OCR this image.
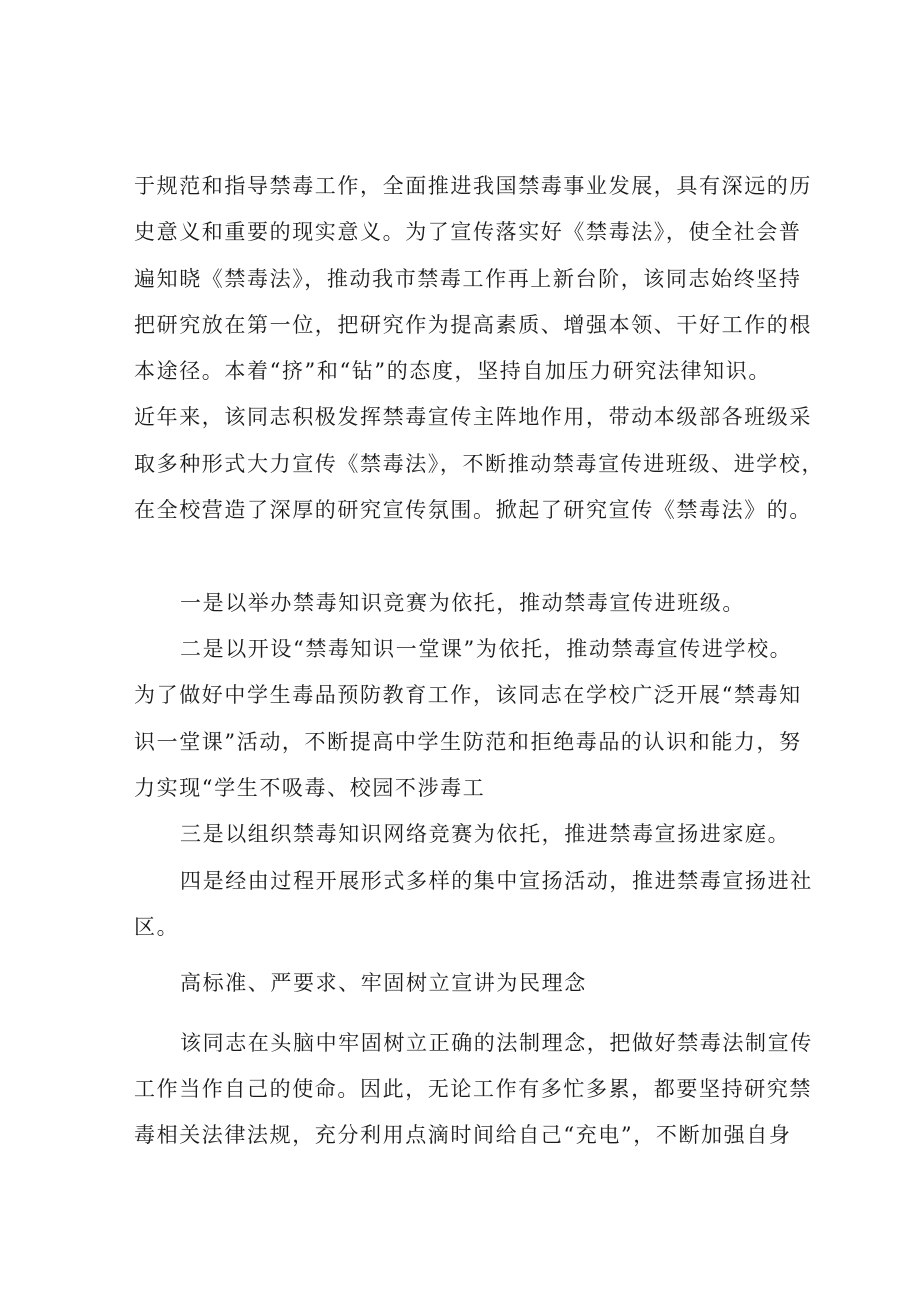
于规范和指导禁毒工作，全面推进我国禁毒事业发展，具有深远的历

史意义和重要的现实意义。为了宣传落实好《禁毒法》，使全社会普

遍知晓《禁毒法》，推动我市禁毒工作再上新台阶，该同志始终坚持

把研究放在第一位，把研究作为提高素质、增强本领、干好工作的根

本途径。本着“挤”和“钻”的态度，坚持自加压力研究法律知识。

近年来，该同志积极发挥禁毒宣传主阵地作用，带动本级部各班级采

取多种形式大力宣传《禁毒法》，不断推动禁毒宣传进班级、进学校，

在全校营造了深厚的研究宣传氛围。掀起了研究宣传《禁毒法》的。

一是以举办禁毒知识竞赛为依托，推动禁毒宣传进班级。

二是以开设“禁毒知识一堂课”为依托，推动禁毒宣传进学校。

为了做好中学生毒品预防教育工作，该同志在学校广泛开展“禁毒知

识一堂课”活动，不断提高中学生防范和拒绝毒品的认识和能力，努

力实现“学生不吸毒、校园不涉毒工

三是以组织禁毒知识网络竞赛为依托，推进禁毒宣扬进家庭。

四是经由过程开展形式多样的集中宣扬活动，推进禁毒宣扬进社

区。

高标准、严要求、牢固树立宣讲为民理念

该同志在头脑中牢固树立正确的法制理念，把做好禁毒法制宣传

工作当作自己的使命。因此，无论工作有多忙多累，都要坚持研究禁

毒相关法律法规，充分利用点滴时间给自己“充电”，不断加强自身
